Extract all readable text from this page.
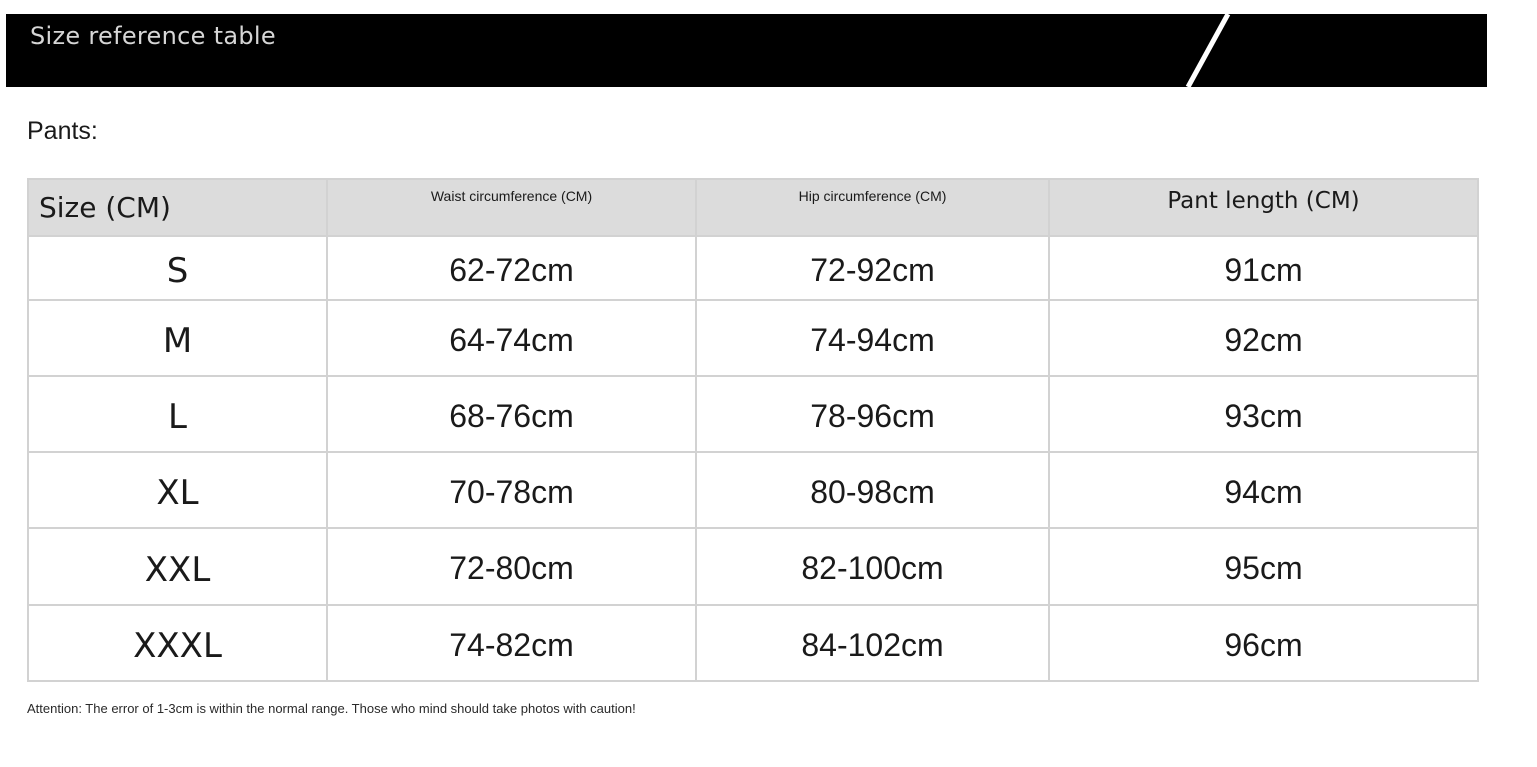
Size reference table
Pants:
Size (CM)	Waist circumference (CM)	Hip circumference (CM)	Pant length (CM)
S	62-72cm	72-92cm	91cm
M	64-74cm	74-94cm	92cm
L	68-76cm	78-96cm	93cm
XL	70-78cm	80-98cm	94cm
XXL	72-80cm	82-100cm	95cm
XXXL	74-82cm	84-102cm	96cm
Attention: The error of 1-3cm is within the normal range. Those who mind should take photos with caution!
